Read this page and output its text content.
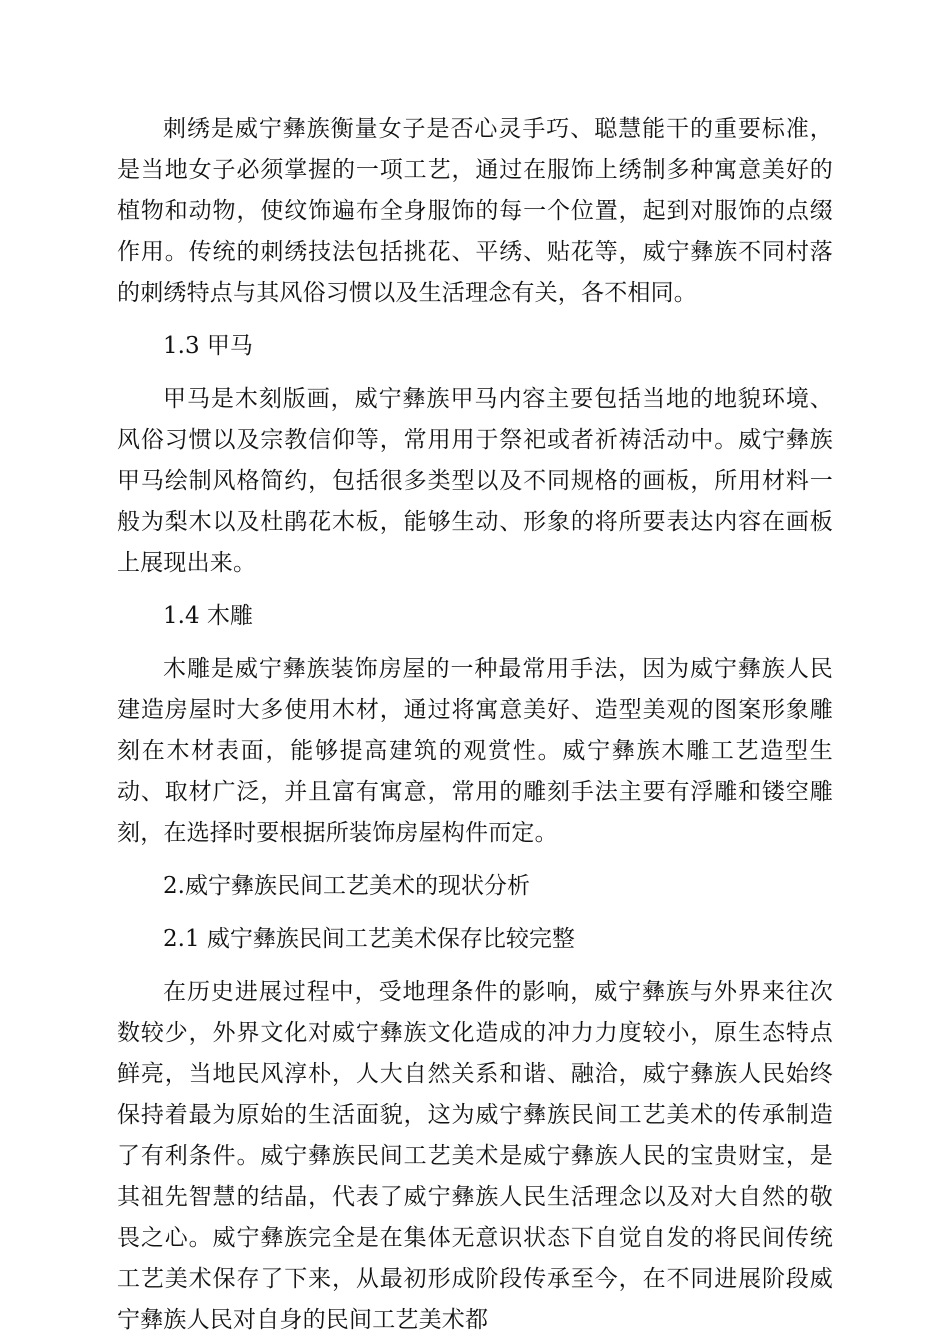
刺绣是威宁彝族衡量女子是否心灵手巧、聪慧能干的重要标准，是当地女子必须掌握的一项工艺，通过在服饰上绣制多种寓意美好的植物和动物，使纹饰遍布全身服饰的每一个位置，起到对服饰的点缀作用。传统的刺绣技法包括挑花、平绣、贴花等，威宁彝族不同村落的刺绣特点与其风俗习惯以及生活理念有关，各不相同。

1.3 甲马

甲马是木刻版画，威宁彝族甲马内容主要包括当地的地貌环境、风俗习惯以及宗教信仰等，常用用于祭祀或者祈祷活动中。威宁彝族甲马绘制风格简约，包括很多类型以及不同规格的画板，所用材料一般为梨木以及杜鹃花木板，能够生动、形象的将所要表达内容在画板上展现出来。

1.4 木雕

木雕是威宁彝族装饰房屋的一种最常用手法，因为威宁彝族人民建造房屋时大多使用木材，通过将寓意美好、造型美观的图案形象雕刻在木材表面，能够提高建筑的观赏性。威宁彝族木雕工艺造型生动、取材广泛，并且富有寓意，常用的雕刻手法主要有浮雕和镂空雕刻，在选择时要根据所装饰房屋构件而定。

2.威宁彝族民间工艺美术的现状分析

2.1 威宁彝族民间工艺美术保存比较完整

在历史进展过程中，受地理条件的影响，威宁彝族与外界来往次数较少，外界文化对威宁彝族文化造成的冲力力度较小，原生态特点鲜亮，当地民风淳朴，人大自然关系和谐、融洽，威宁彝族人民始终保持着最为原始的生活面貌，这为威宁彝族民间工艺美术的传承制造了有利条件。威宁彝族民间工艺美术是威宁彝族人民的宝贵财宝，是其祖先智慧的结晶，代表了威宁彝族人民生活理念以及对大自然的敬畏之心。威宁彝族完全是在集体无意识状态下自觉自发的将民间传统工艺美术保存了下来，从最初形成阶段传承至今，在不同进展阶段威宁彝族人民对自身的民间工艺美术都
